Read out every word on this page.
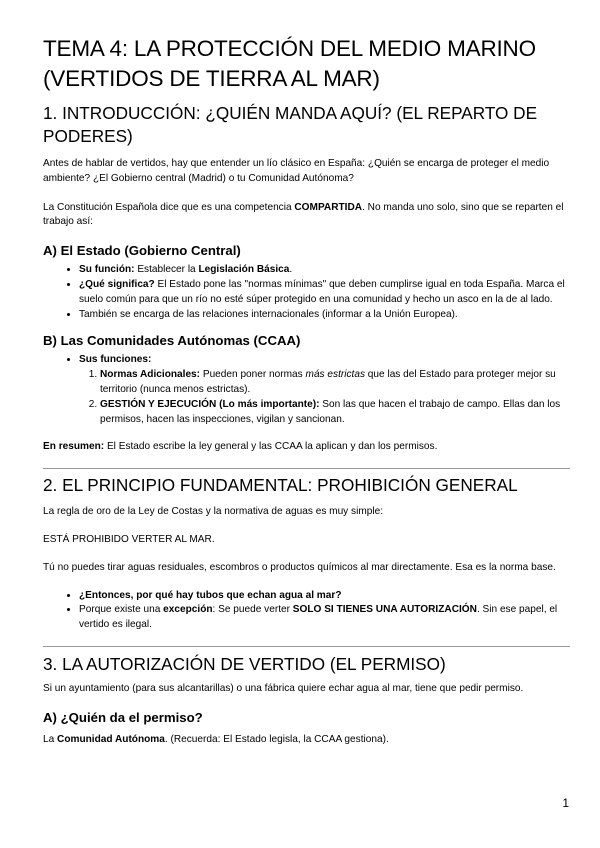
TEMA 4: LA PROTECCIÓN DEL MEDIO MARINO (VERTIDOS DE TIERRA AL MAR)
1. INTRODUCCIÓN: ¿QUIÉN MANDA AQUÍ? (EL REPARTO DE PODERES)

Antes de hablar de vertidos, hay que entender un lío clásico en España: ¿Quién se encarga de proteger el medio ambiente? ¿El Gobierno central (Madrid) o tu Comunidad Autónoma?

La Constitución Española dice que es una competencia COMPARTIDA. No manda uno solo, sino que se reparten el trabajo así:

A) El Estado (Gobierno Central)
• Su función: Establecer la Legislación Básica.
• ¿Qué significa? El Estado pone las "normas mínimas" que deben cumplirse igual en toda España. Marca el suelo común para que un río no esté súper protegido en una comunidad y hecho un asco en la de al lado.
• También se encarga de las relaciones internacionales (informar a la Unión Europea).
B) Las Comunidades Autónomas (CCAA)
• Sus funciones:
1. Normas Adicionales: Pueden poner normas más estrictas que las del Estado para proteger mejor su territorio (nunca menos estrictas).
2. GESTIÓN Y EJECUCIÓN (Lo más importante): Son las que hacen el trabajo de campo. Ellas dan los permisos, hacen las inspecciones, vigilan y sancionan.

En resumen: El Estado escribe la ley general y las CCAA la aplican y dan los permisos.

2. EL PRINCIPIO FUNDAMENTAL: PROHIBICIÓN GENERAL

La regla de oro de la Ley de Costas y la normativa de aguas es muy simple:

ESTÁ PROHIBIDO VERTER AL MAR.

Tú no puedes tirar aguas residuales, escombros o productos químicos al mar directamente. Esa es la norma base.

• ¿Entonces, por qué hay tubos que echan agua al mar?
• Porque existe una excepción: Se puede verter SOLO SI TIENES UNA AUTORIZACIÓN. Sin ese papel, el vertido es ilegal.
3. LA AUTORIZACIÓN DE VERTIDO (EL PERMISO)

Si un ayuntamiento (para sus alcantarillas) o una fábrica quiere echar agua al mar, tiene que pedir permiso.

A) ¿Quién da el permiso?

La Comunidad Autónoma. (Recuerda: El Estado legisla, la CCAA gestiona).

1
